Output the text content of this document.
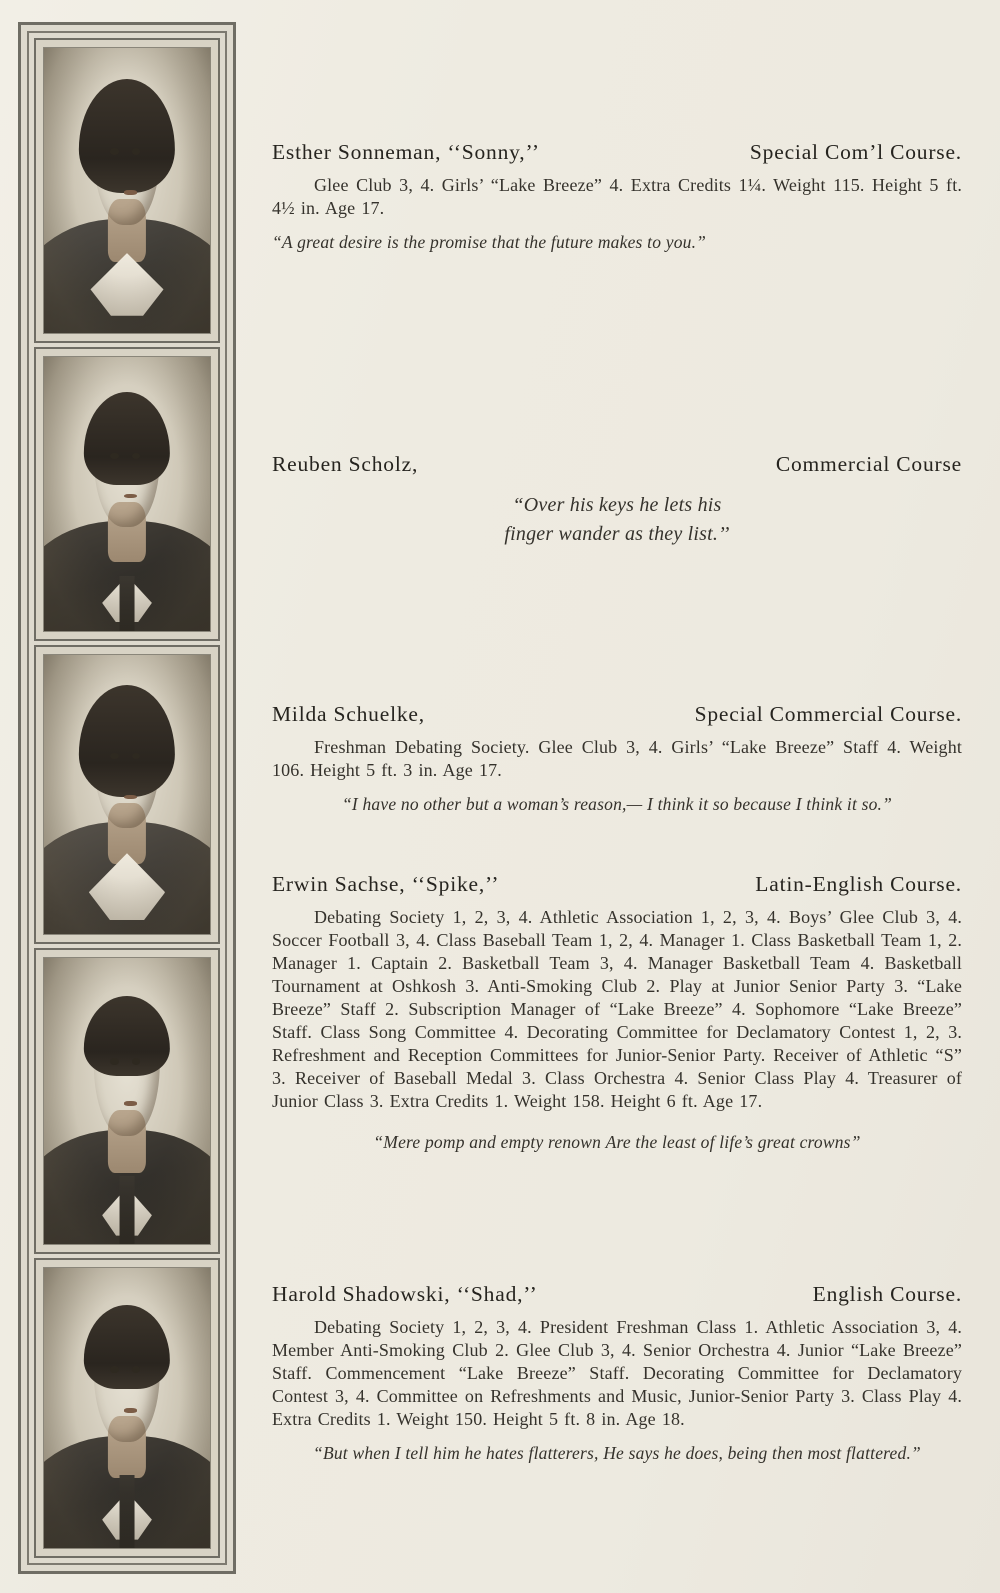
Esther Sonneman, ‘‘Sonny,’’	Special Com’l Course.
Glee Club 3, 4. Girls’ “Lake Breeze” 4. Extra Credits 1¼. Weight 115. Height 5 ft. 4½ in. Age 17.
“A great desire is the promise that the future makes to you.”
Reuben Scholz,	Commercial Course
“Over his keys he lets his
finger wander as they list.’’
Milda Schuelke,	Special Commercial Course.
Freshman Debating Society. Glee Club 3, 4. Girls’ “Lake Breeze” Staff 4. Weight 106. Height 5 ft. 3 in. Age 17.
“I have no other but a woman’s reason,— I think it so because I think it so.”
Erwin Sachse, ‘‘Spike,’’	Latin-English Course.
Debating Society 1, 2, 3, 4. Athletic Association 1, 2, 3, 4. Boys’ Glee Club 3, 4. Soccer Football 3, 4. Class Baseball Team 1, 2, 4. Manager 1. Class Basketball Team 1, 2. Manager 1. Captain 2. Basketball Team 3, 4. Manager Basketball Team 4. Basketball Tournament at Oshkosh 3. Anti-Smoking Club 2. Play at Junior Senior Party 3. “Lake Breeze” Staff 2. Subscription Manager of “Lake Breeze” 4. Sophomore “Lake Breeze” Staff. Class Song Committee 4. Decorating Committee for Declamatory Contest 1, 2, 3. Refreshment and Reception Committees for Junior-Senior Party. Receiver of Athletic “S” 3. Receiver of Baseball Medal 3. Class Orchestra 4. Senior Class Play 4. Treasurer of Junior Class 3. Extra Credits 1. Weight 158. Height 6 ft. Age 17.
“Mere pomp and empty renown Are the least of life’s great crowns”
Harold Shadowski, ‘‘Shad,’’	English Course.
Debating Society 1, 2, 3, 4. President Freshman Class 1. Athletic Association 3, 4. Member Anti-Smoking Club 2. Glee Club 3, 4. Senior Orchestra 4. Junior “Lake Breeze” Staff. Commencement “Lake Breeze” Staff. Decorating Committee for Declamatory Contest 3, 4. Committee on Refreshments and Music, Junior-Senior Party 3. Class Play 4. Extra Credits 1. Weight 150. Height 5 ft. 8 in. Age 18.
“But when I tell him he hates flatterers, He says he does, being then most flattered.”
